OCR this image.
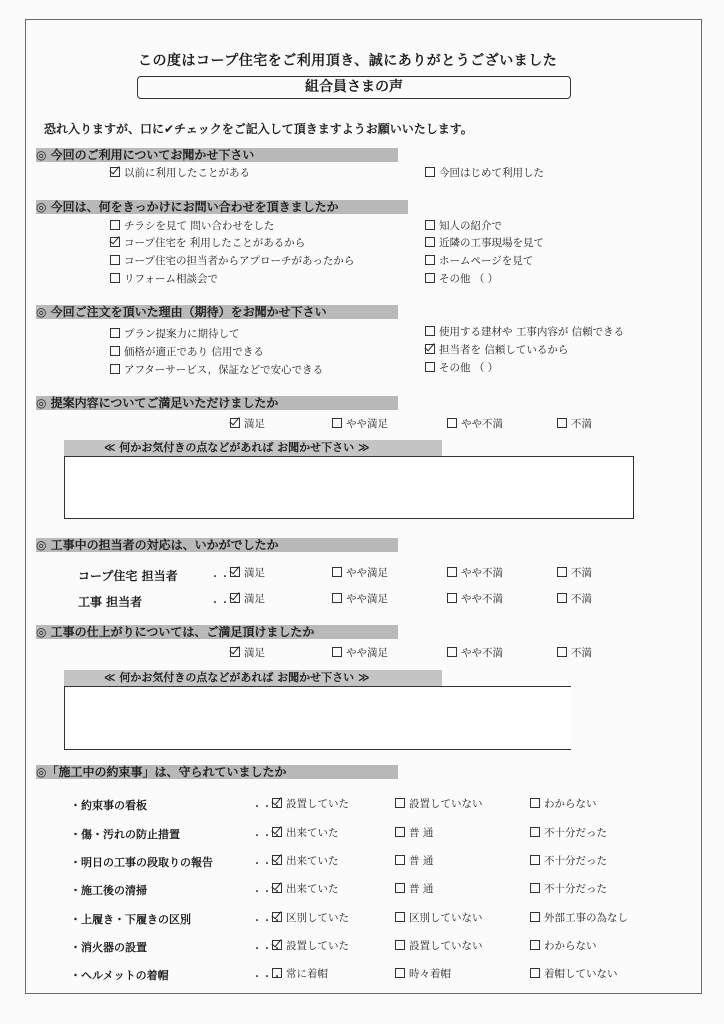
この度はコープ住宅をご利用頂き、誠にありがとうございました
組合員さまの声
恐れ入りますが、口に✔チェックをご記入して頂きますようお願いいたします。
◎ 今回のご利用についてお聞かせ下さい
以前に利用したことがある	今回はじめて利用した
◎ 今回は、何をきっかけにお問い合わせを頂きましたか
チラシを見て 問い合わせをした
コープ住宅を 利用したことがあるから
コープ住宅の担当者からアプローチがあったから
リフォーム相談会で
知人の紹介で
近隣の工事現場を見て
ホームページを見て
その他 （ ）
◎ 今回ご注文を頂いた理由（期待）をお聞かせ下さい
プラン提案力に期待して
価格が適正であり 信用できる
アフターサービス，保証などで安心できる
使用する建材や 工事内容が 信頼できる
担当者を 信頼しているから
その他 （ ）
◎ 提案内容についてご満足いただけましたか
満足	やや満足	やや不満	不満
≪ 何かお気付きの点などがあれば お聞かせ下さい ≫
◎ 工事中の担当者の対応は、いかがでしたか
コープ住宅 担当者	・・・ 満足	やや満足	やや不満	不満
工事 担当者	・・・ 満足	やや満足	やや不満	不満
◎ 工事の仕上がりについては、ご満足頂けましたか
満足	やや満足	やや不満	不満
≪ 何かお気付きの点などがあれば お聞かせ下さい ≫
◎「施工中の約束事」は、守られていましたか
・約束事の看板	・・・ 設置していた	設置していない	わからない
・傷・汚れの防止措置	・・・ 出来ていた	普 通	不十分だった
・明日の工事の段取りの報告	・・・ 出来ていた	普 通	不十分だった
・施工後の清掃	・・・ 出来ていた	普 通	不十分だった
・上履き・下履きの区別	・・・ 区別していた	区別していない	外部工事の為なし
・消火器の設置	・・・ 設置していた	設置していない	わからない
・ヘルメットの着帽	・・・ 常に着帽	時々着帽	着帽していない
